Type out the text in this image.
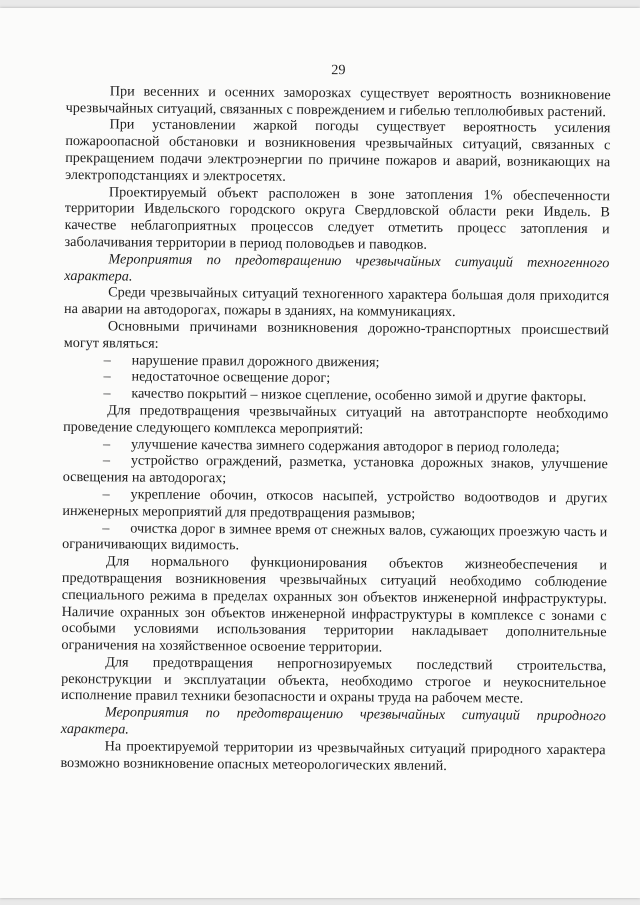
29

При весенних и осенних заморозках существует вероятность возникновение чрезвычайных ситуаций, связанных с повреждением и гибелью теплолюбивых растений.

При установлении жаркой погоды существует вероятность усиления пожароопасной обстановки и возникновения чрезвычайных ситуаций, связанных с прекращением подачи электроэнергии по причине пожаров и аварий, возникающих на электроподстанциях и электросетях.

Проектируемый объект расположен в зоне затопления 1% обеспеченности территории Ивдельского городского округа Свердловской области реки Ивдель. В качестве неблагоприятных процессов следует отметить процесс затопления и заболачивания территории в период половодьев и паводков.

Мероприятия по предотвращению чрезвычайных ситуаций техногенного характера.

Среди чрезвычайных ситуаций техногенного характера большая доля приходится на аварии на автодорогах, пожары в зданиях, на коммуникациях.

Основными причинами возникновения дорожно-транспортных происшествий могут являться:

– нарушение правил дорожного движения;

– недостаточное освещение дорог;

– качество покрытий – низкое сцепление, особенно зимой и другие факторы.

Для предотвращения чрезвычайных ситуаций на автотранспорте необходимо проведение следующего комплекса мероприятий:

– улучшение качества зимнего содержания автодорог в период гололеда;

– устройство ограждений, разметка, установка дорожных знаков, улучшение освещения на автодорогах;

– укрепление обочин, откосов насыпей, устройство водоотводов и других инженерных мероприятий для предотвращения размывов;

– очистка дорог в зимнее время от снежных валов, сужающих проезжую часть и ограничивающих видимость.

Для нормального функционирования объектов жизнеобеспечения и предотвращения возникновения чрезвычайных ситуаций необходимо соблюдение специального режима в пределах охранных зон объектов инженерной инфраструктуры. Наличие охранных зон объектов инженерной инфраструктуры в комплексе с зонами с особыми условиями использования территории накладывает дополнительные ограничения на хозяйственное освоение территории.

Для предотвращения непрогнозируемых последствий строительства, реконструкции и эксплуатации объекта, необходимо строгое и неукоснительное исполнение правил техники безопасности и охраны труда на рабочем месте.

Мероприятия по предотвращению чрезвычайных ситуаций природного характера.

На проектируемой территории из чрезвычайных ситуаций природного характера возможно возникновение опасных метеорологических явлений.
